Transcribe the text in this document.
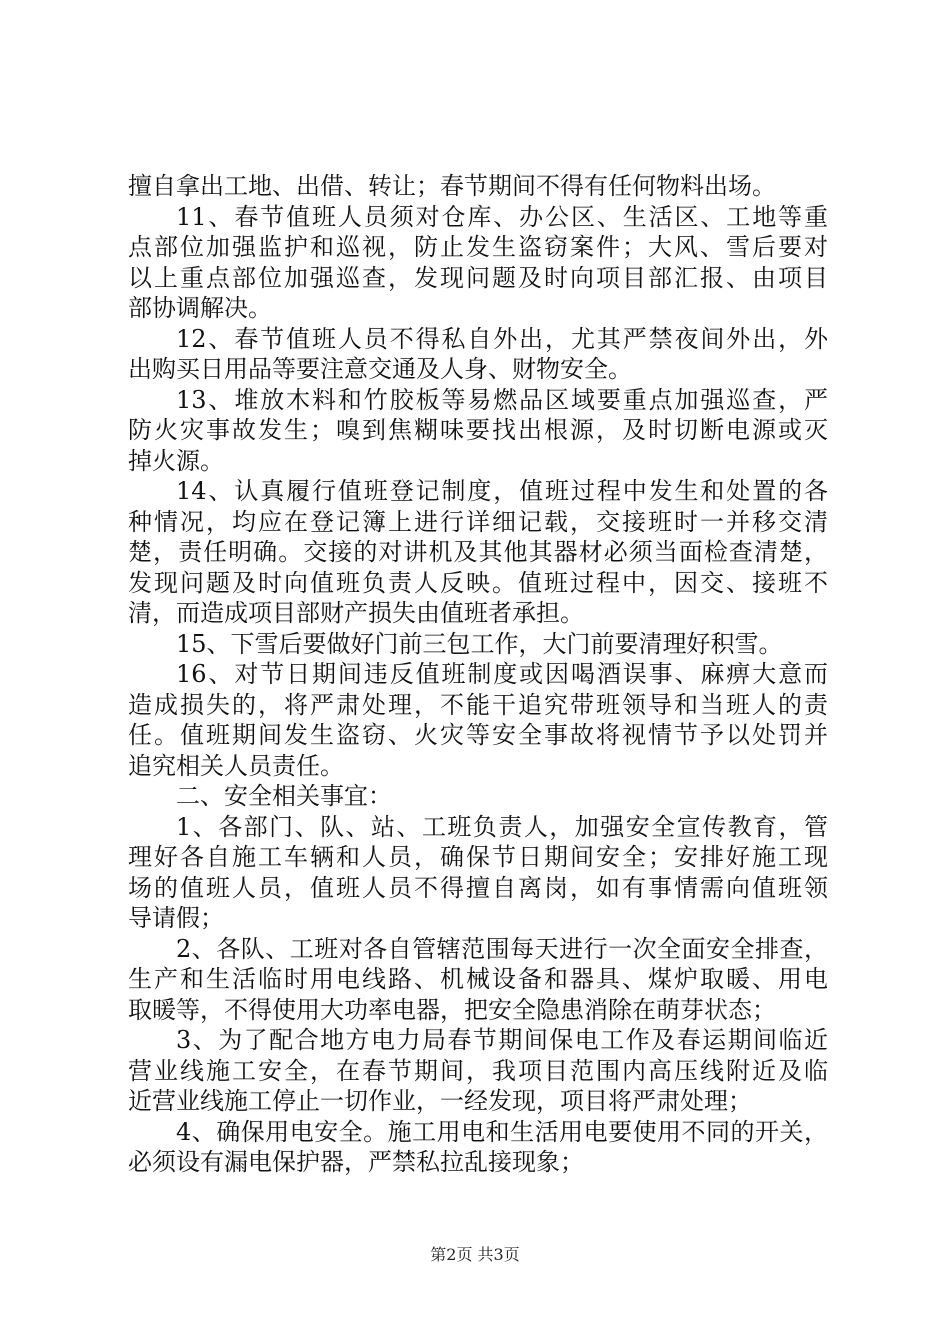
擅自拿出工地、出借、转让；春节期间不得有任何物料出场。
11、春节值班人员须对仓库、办公区、生活区、工地等重
点部位加强监护和巡视，防止发生盗窃案件；大风、雪后要对
以上重点部位加强巡查，发现问题及时向项目部汇报、由项目
部协调解决。
12、春节值班人员不得私自外出，尤其严禁夜间外出，外
出购买日用品等要注意交通及人身、财物安全。
13、堆放木料和竹胶板等易燃品区域要重点加强巡查，严
防火灾事故发生；嗅到焦糊味要找出根源，及时切断电源或灭
掉火源。
14、认真履行值班登记制度，值班过程中发生和处置的各
种情况，均应在登记簿上进行详细记载，交接班时一并移交清
楚，责任明确。交接的对讲机及其他其器材必须当面检查清楚，
发现问题及时向值班负责人反映。值班过程中，因交、接班不
清，而造成项目部财产损失由值班者承担。
15、下雪后要做好门前三包工作，大门前要清理好积雪。
16、对节日期间违反值班制度或因喝酒误事、麻痹大意而
造成损失的，将严肃处理，不能干追究带班领导和当班人的责
任。值班期间发生盗窃、火灾等安全事故将视情节予以处罚并
追究相关人员责任。
二、安全相关事宜：
1、各部门、队、站、工班负责人，加强安全宣传教育，管
理好各自施工车辆和人员，确保节日期间安全；安排好施工现
场的值班人员，值班人员不得擅自离岗，如有事情需向值班领
导请假；
2、各队、工班对各自管辖范围每天进行一次全面安全排查，
生产和生活临时用电线路、机械设备和器具、煤炉取暖、用电
取暖等，不得使用大功率电器，把安全隐患消除在萌芽状态；
3、为了配合地方电力局春节期间保电工作及春运期间临近
营业线施工安全，在春节期间，我项目范围内高压线附近及临
近营业线施工停止一切作业，一经发现，项目将严肃处理；
4、确保用电安全。施工用电和生活用电要使用不同的开关，
必须设有漏电保护器，严禁私拉乱接现象；
第2页 共3页
